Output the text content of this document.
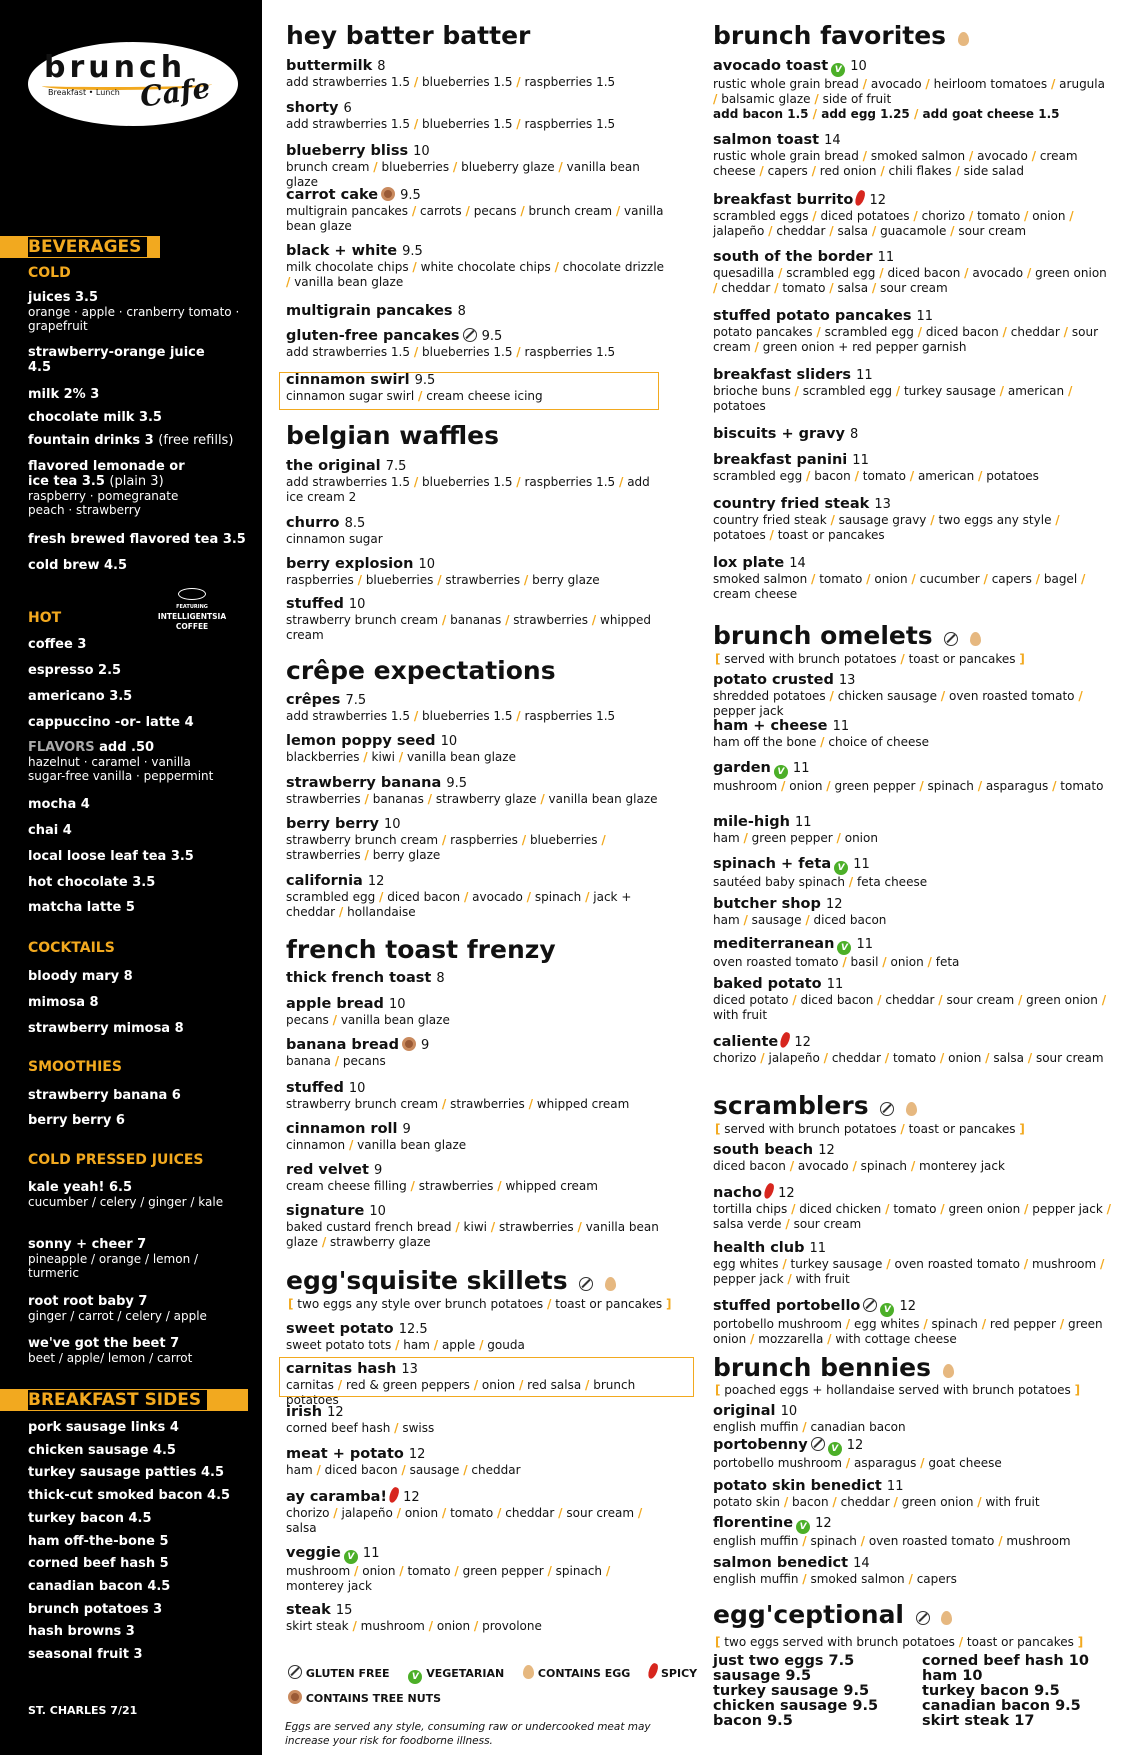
brunch
Breakfast • Lunch Cafe
BEVERAGES
COLD
juices 3.5
orange · apple · cranberry tomato · grapefruit
strawberry-orange juice 4.5
milk 2% 3
chocolate milk 3.5
fountain drinks 3 (free refills)
flavored lemonade or ice tea 3.5 (plain 3)
raspberry · pomegranate peach · strawberry
fresh brewed flavored tea 3.5
cold brew 4.5
HOT
FEATURING
INTELLIGENTSIA COFFEE
coffee 3
espresso 2.5
americano 3.5
cappuccino -or- latte 4
FLAVORS add .50
hazelnut · caramel · vanilla sugar-free vanilla · peppermint
mocha 4
chai 4
local loose leaf tea 3.5
hot chocolate 3.5
matcha latte 5
COCKTAILS
bloody mary 8
mimosa 8
strawberry mimosa 8
SMOOTHIES
strawberry banana 6
berry berry 6
COLD PRESSED JUICES
kale yeah! 6.5
cucumber / celery / ginger / kale
sonny + cheer 7
pineapple / orange / lemon / turmeric
root root baby 7
ginger / carrot / celery / apple
we've got the beet 7
beet / apple/ lemon / carrot
BREAKFAST SIDES
pork sausage links 4
chicken sausage 4.5
turkey sausage patties 4.5
thick-cut smoked bacon 4.5
turkey bacon 4.5
ham off-the-bone 5
corned beef hash 5
canadian bacon 4.5
brunch potatoes 3
hash browns 3
seasonal fruit 3
ST. CHARLES 7/21
hey batter batter
buttermilk 8
add strawberries 1.5 / blueberries 1.5 / raspberries 1.5
shorty 6
add strawberries 1.5 / blueberries 1.5 / raspberries 1.5
blueberry bliss 10
brunch cream / blueberries / blueberry glaze / vanilla bean glaze
carrot cake 9.5
multigrain pancakes / carrots / pecans / brunch cream / vanilla bean glaze
black + white 9.5
milk chocolate chips / white chocolate chips / chocolate drizzle / vanilla bean glaze
multigrain pancakes 8
gluten-free pancakes 9.5
add strawberries 1.5 / blueberries 1.5 / raspberries 1.5
cinnamon swirl 9.5
cinnamon sugar swirl / cream cheese icing
belgian waffles
the original 7.5
add strawberries 1.5 / blueberries 1.5 / raspberries 1.5 / add ice cream 2
churro 8.5
cinnamon sugar
berry explosion 10
raspberries / blueberries / strawberries / berry glaze
stuffed 10
strawberry brunch cream / bananas / strawberries / whipped cream
crêpe expectations
crêpes 7.5
add strawberries 1.5 / blueberries 1.5 / raspberries 1.5
lemon poppy seed 10
blackberries / kiwi / vanilla bean glaze
strawberry banana 9.5
strawberries / bananas / strawberry glaze / vanilla bean glaze
berry berry 10
strawberry brunch cream / raspberries / blueberries / strawberries / berry glaze
california 12
scrambled egg / diced bacon / avocado / spinach / jack + cheddar / hollandaise
french toast frenzy
thick french toast 8
apple bread 10
pecans / vanilla bean glaze
banana bread 9
banana / pecans
stuffed 10
strawberry brunch cream / strawberries / whipped cream
cinnamon roll 9
cinnamon / vanilla bean glaze
red velvet 9
cream cheese filling / strawberries / whipped cream
signature 10
baked custard french bread / kiwi / strawberries / vanilla bean glaze / strawberry glaze
egg'squisite skillets
[ two eggs any style over brunch potatoes / toast or pancakes ]
sweet potato 12.5
sweet potato tots / ham / apple / gouda
carnitas hash 13
carnitas / red & green peppers / onion / red salsa / brunch potatoes
irish 12
corned beef hash / swiss
meat + potato 12
ham / diced bacon / sausage / cheddar
ay caramba! 12
chorizo / jalapeño / onion / tomato / cheddar / sour cream / salsa
veggie V 11
mushroom / onion / tomato / green pepper / spinach / monterey jack
steak 15
skirt steak / mushroom / onion / provolone
brunch favorites
avocado toast V 10
rustic whole grain bread / avocado / heirloom tomatoes / arugula / balsamic glaze / side of fruit
add bacon 1.5 / add egg 1.25 / add goat cheese 1.5
salmon toast 14
rustic whole grain bread / smoked salmon / avocado / cream cheese / capers / red onion / chili flakes / side salad
breakfast burrito 12
scrambled eggs / diced potatoes / chorizo / tomato / onion / jalapeño / cheddar / salsa / guacamole / sour cream
south of the border 11
quesadilla / scrambled egg / diced bacon / avocado / green onion / cheddar / tomato / salsa / sour cream
stuffed potato pancakes 11
potato pancakes / scrambled egg / diced bacon / cheddar / sour cream / green onion + red pepper garnish
breakfast sliders 11
brioche buns / scrambled egg / turkey sausage / american / potatoes
biscuits + gravy 8
breakfast panini 11
scrambled egg / bacon / tomato / american / potatoes
country fried steak 13
country fried steak / sausage gravy / two eggs any style / potatoes / toast or pancakes
lox plate 14
smoked salmon / tomato / onion / cucumber / capers / bagel / cream cheese
brunch omelets
[ served with brunch potatoes / toast or pancakes ]
potato crusted 13
shredded potatoes / chicken sausage / oven roasted tomato / pepper jack
ham + cheese 11
ham off the bone / choice of cheese
garden V 11
mushroom / onion / green pepper / spinach / asparagus / tomato
mile-high 11
ham / green pepper / onion
spinach + feta V 11
sautéed baby spinach / feta cheese
butcher shop 12
ham / sausage / diced bacon
mediterranean V 11
oven roasted tomato / basil / onion / feta
baked potato 11
diced potato / diced bacon / cheddar / sour cream / green onion / with fruit
caliente 12
chorizo / jalapeño / cheddar / tomato / onion / salsa / sour cream
scramblers
[ served with brunch potatoes / toast or pancakes ]
south beach 12
diced bacon / avocado / spinach / monterey jack
nacho 12
tortilla chips / diced chicken / tomato / green onion / pepper jack / salsa verde / sour cream
health club 11
egg whites / turkey sausage / oven roasted tomato / mushroom / pepper jack / with fruit
stuffed portobello	V 12
portobello mushroom / egg whites / spinach / red pepper / green onion / mozzarella / with cottage cheese
brunch bennies
[ poached eggs + hollandaise served with brunch potatoes ]
original 10
english muffin / canadian bacon
portobenny	V 12
portobello mushroom / asparagus / goat cheese
potato skin benedict 11
potato skin / bacon / cheddar / green onion / with fruit
florentine V 12
english muffin / spinach / oven roasted tomato / mushroom
salmon benedict 14
english muffin / smoked salmon / capers
GLUTEN FREE V VEGETARIAN	CONTAINS EGG	SPICY
CONTAINS TREE NUTS
Eggs are served any style, consuming raw or undercooked meat may increase your risk for foodborne illness.
egg'ceptional
[ two eggs served with brunch potatoes / toast or pancakes ]
just two eggs 7.5
sausage 9.5
turkey sausage 9.5
chicken sausage 9.5
bacon 9.5
corned beef hash 10
ham 10
turkey bacon 9.5
canadian bacon 9.5
skirt steak 17
